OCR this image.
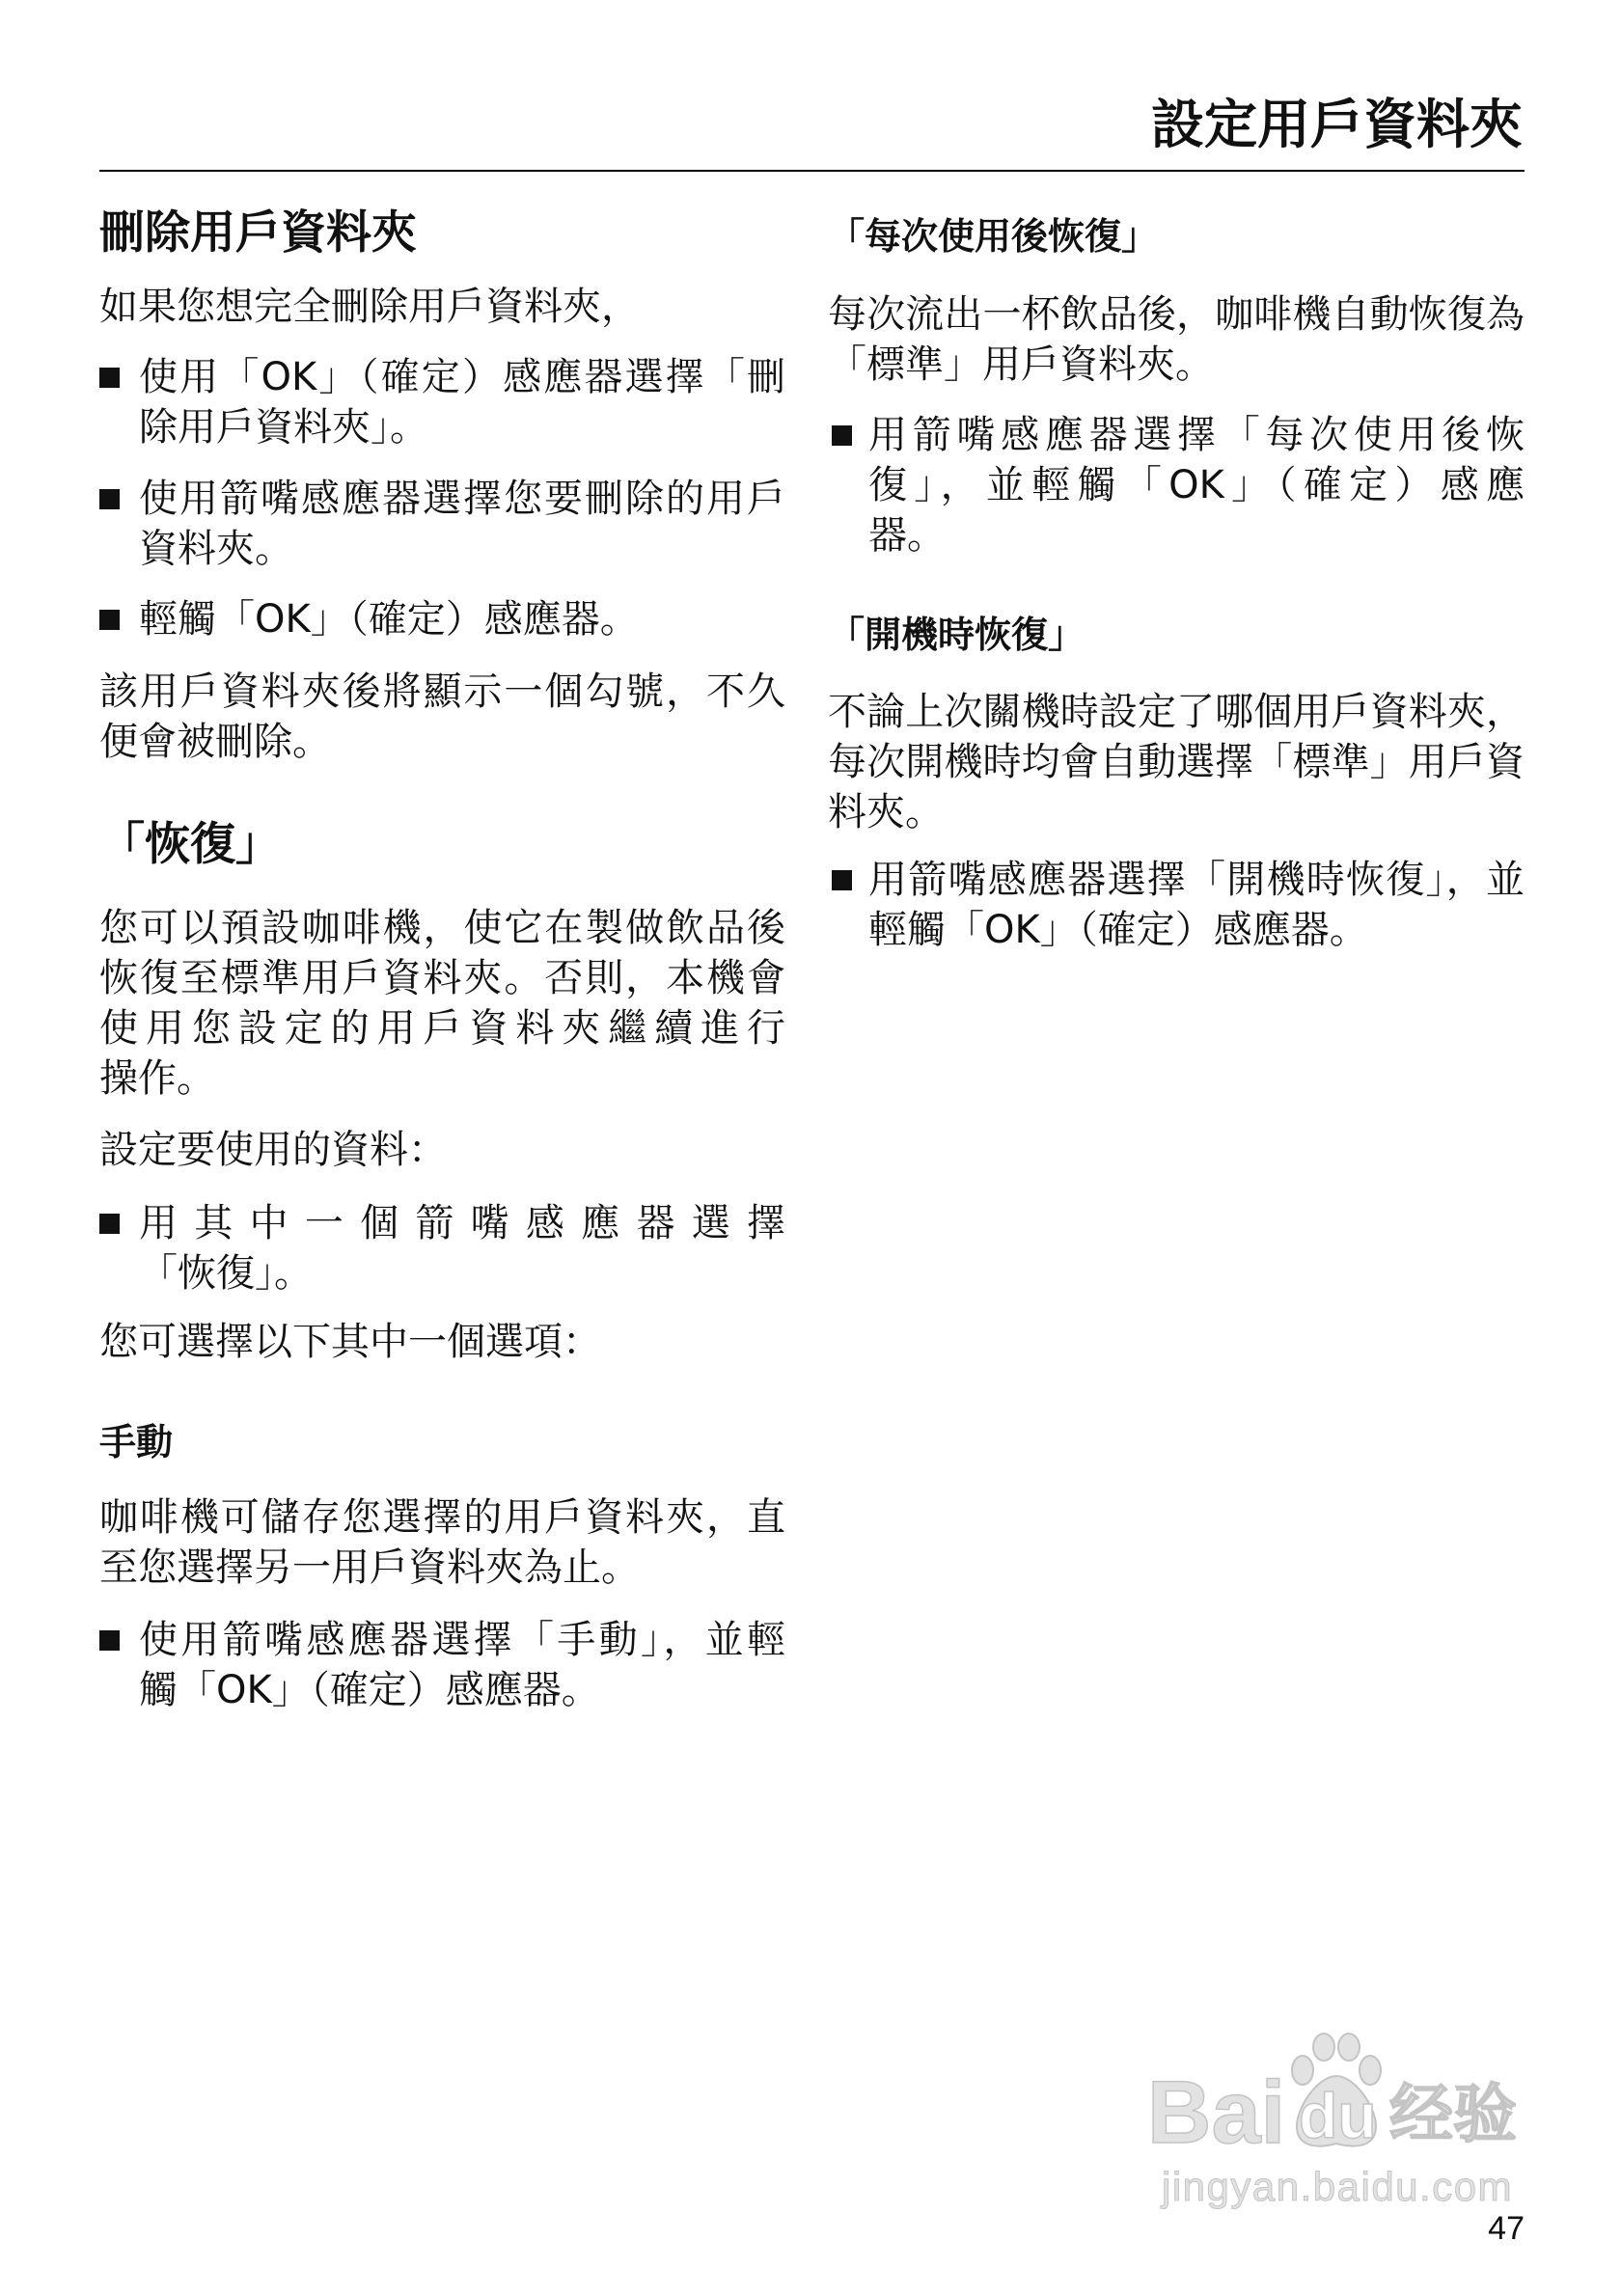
設定用戶資料夾
刪除用戶資料夾
如果您想完全刪除用戶資料夾，
使用「OK」（確定）感應器選擇「刪
除用戶資料夾」。
使用箭嘴感應器選擇您要刪除的用戶
資料夾。
輕觸「OK」（確定）感應器。
該用戶資料夾後將顯示一個勾號，不久
便會被刪除。
「恢復」
您可以預設咖啡機，使它在製做飲品後
恢復至標準用戶資料夾。否則，本機會
使用您設定的用戶資料夾繼續進行
操作。
設定要使用的資料：
用其中一個箭嘴感應器選擇
「恢復」。
您可選擇以下其中一個選項：
手動
咖啡機可儲存您選擇的用戶資料夾，直
至您選擇另一用戶資料夾為止。
使用箭嘴感應器選擇「手動」，並輕
觸「OK」（確定）感應器。
「每次使用後恢復」
每次流出一杯飲品後，咖啡機自動恢復為
「標準」用戶資料夾。
用箭嘴感應器選擇「每次使用後恢
復」，並輕觸「OK」（確定）感應
器。
「開機時恢復」
不論上次關機時設定了哪個用戶資料夾，
每次開機時均會自動選擇「標準」用戶資
料夾。
用箭嘴感應器選擇「開機時恢復」，並
輕觸「OK」（確定）感應器。
Bai du 经验
jingyan.baidu.com
47
